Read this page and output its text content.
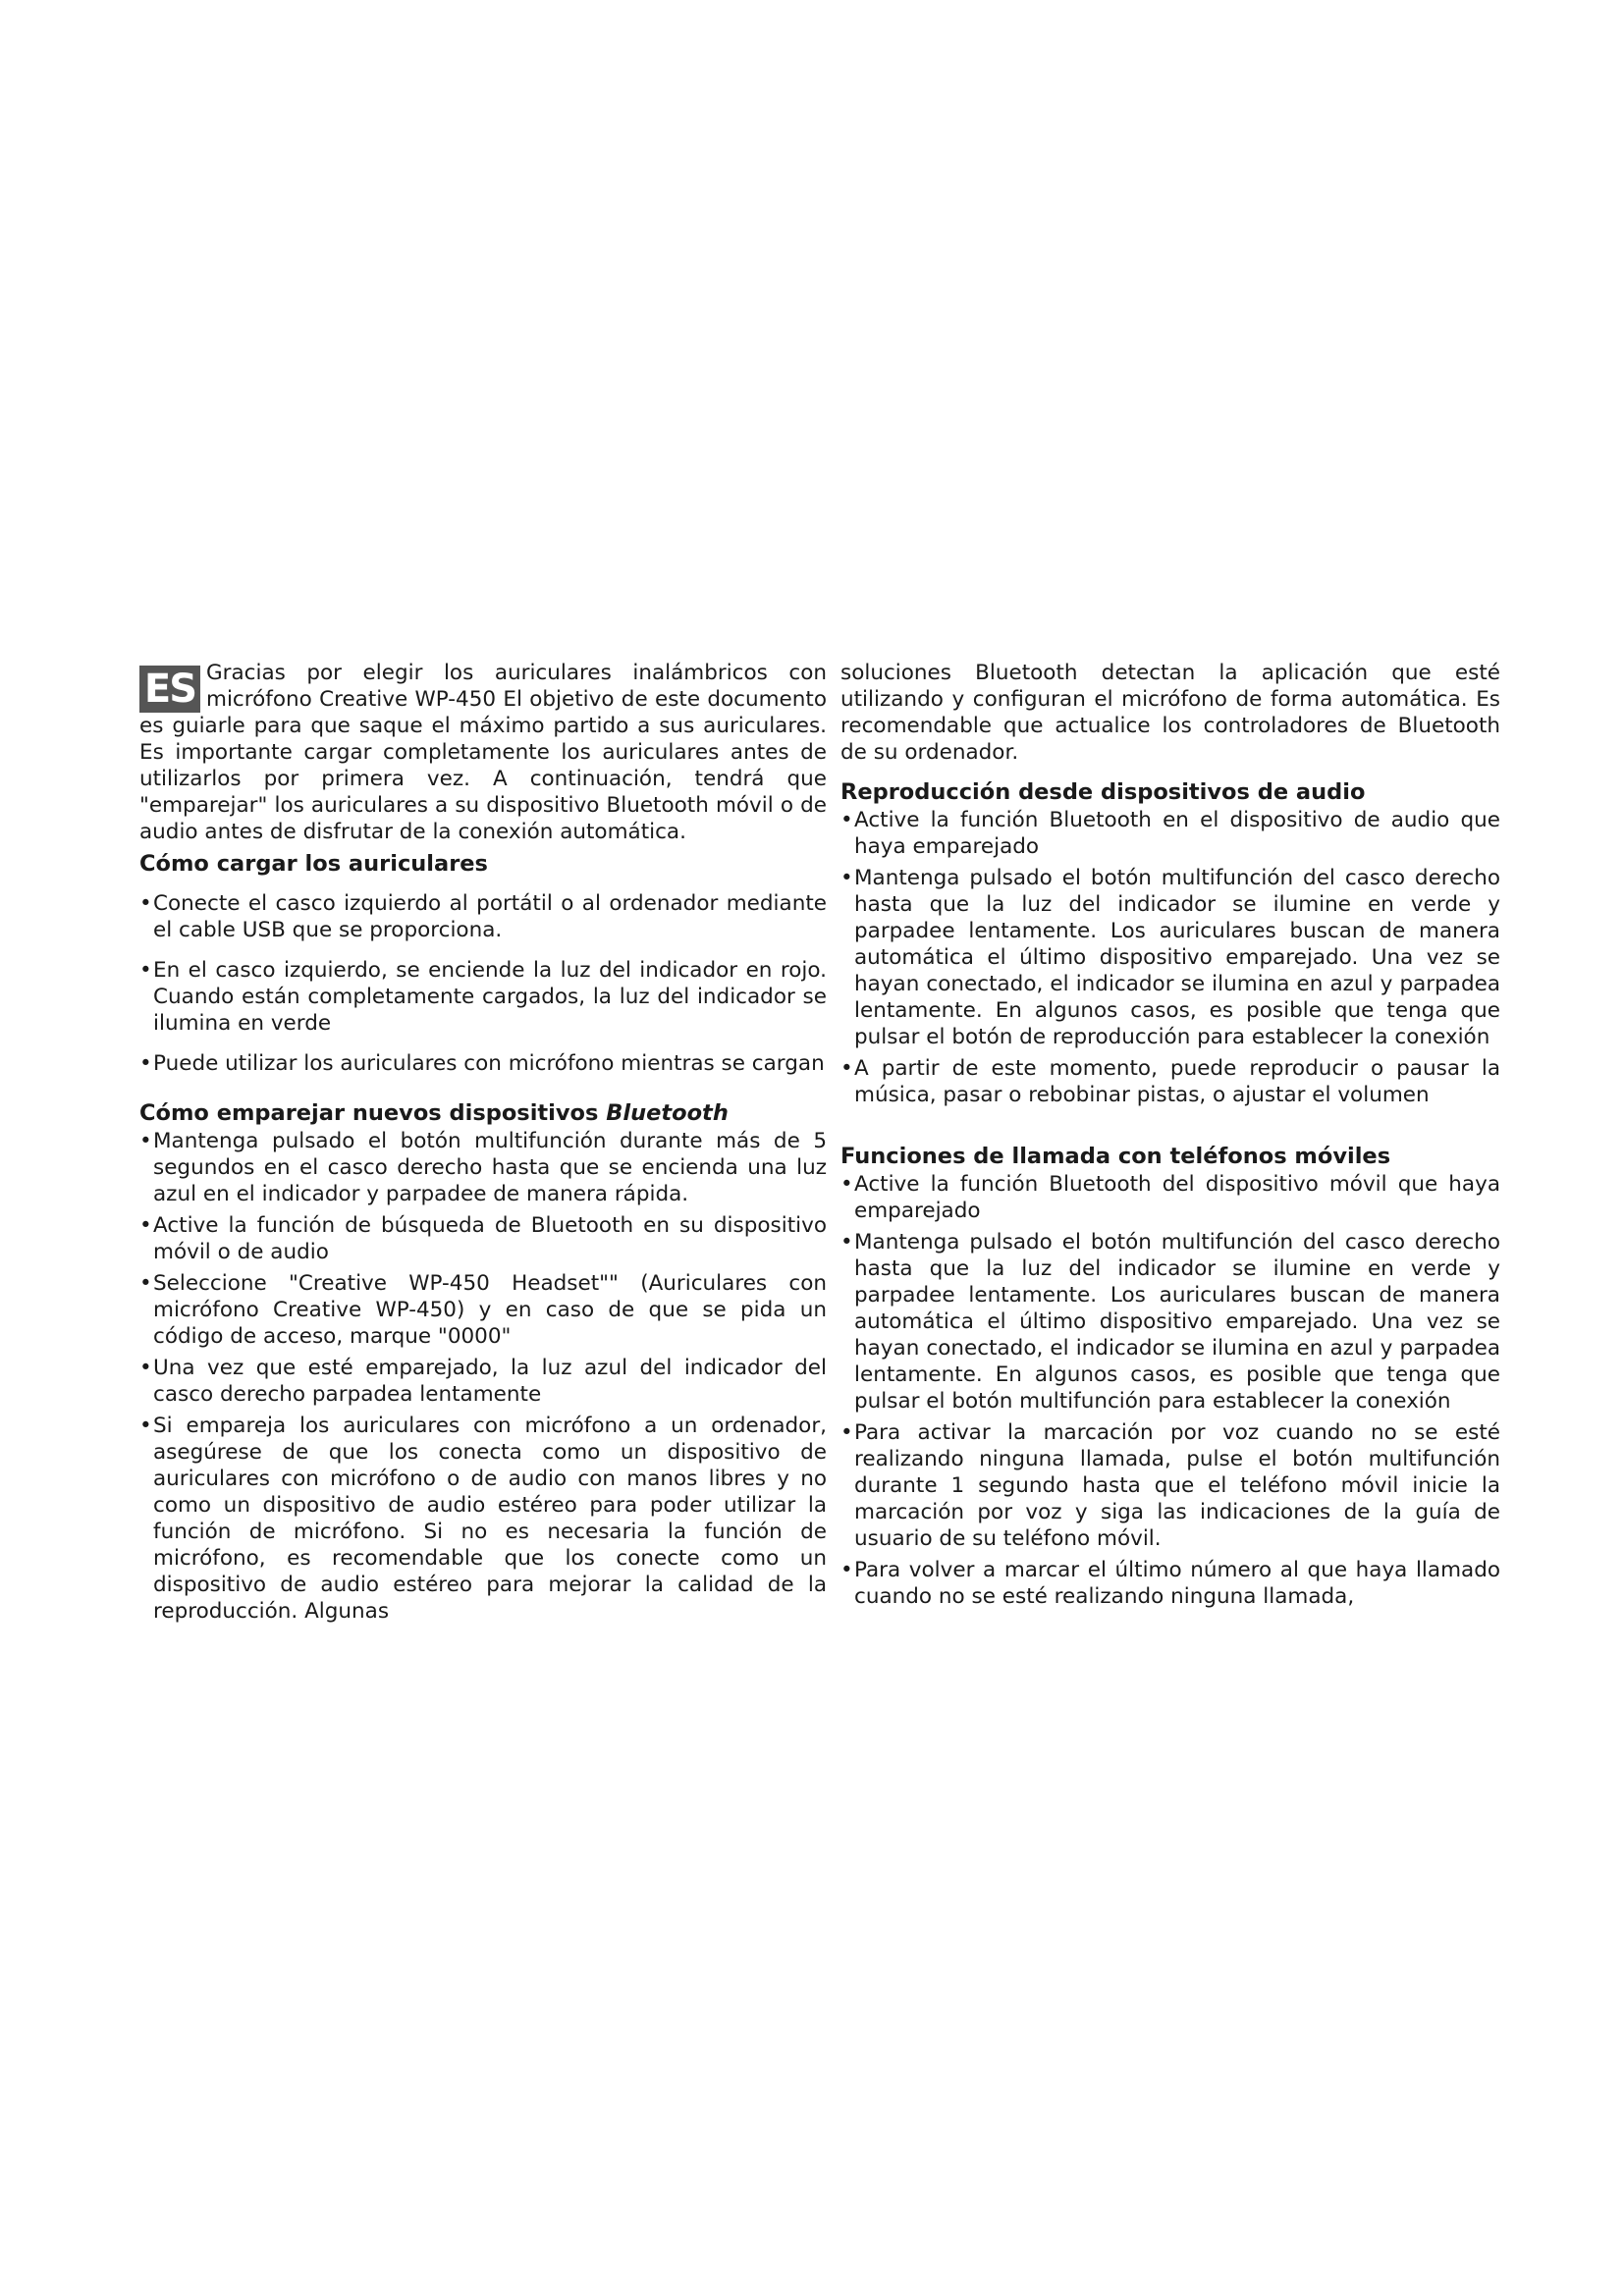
ES Gracias por elegir los auriculares inalámbricos con micrófono Creative WP-450 El objetivo de este documento es guiarle para que saque el máximo partido a sus auriculares. Es importante cargar completamente los auriculares antes de utilizarlos por primera vez. A continuación, tendrá que "emparejar" los auriculares a su dispositivo Bluetooth móvil o de audio antes de disfrutar de la conexión automática.

Cómo cargar los auriculares
• Conecte el casco izquierdo al portátil o al ordenador mediante el cable USB que se proporciona.
• En el casco izquierdo, se enciende la luz del indicador en rojo. Cuando están completamente cargados, la luz del indicador se ilumina en verde
• Puede utilizar los auriculares con micrófono mientras se cargan
Cómo emparejar nuevos dispositivos Bluetooth
• Mantenga pulsado el botón multifunción durante más de 5 segundos en el casco derecho hasta que se encienda una luz azul en el indicador y parpadee de manera rápida.
• Active la función de búsqueda de Bluetooth en su dispositivo móvil o de audio
• Seleccione "Creative WP-450 Headset"" (Auriculares con micrófono Creative WP-450) y en caso de que se pida un código de acceso, marque "0000"
• Una vez que esté emparejado, la luz azul del indicador del casco derecho parpadea lentamente
• Si empareja los auriculares con micrófono a un ordenador, asegúrese de que los conecta como un dispositivo de auriculares con micrófono o de audio con manos libres y no como un dispositivo de audio estéreo para poder utilizar la función de micrófono. Si no es necesaria la función de micrófono, es recomendable que los conecte como un dispositivo de audio estéreo para mejorar la calidad de la reproducción. Algunas

soluciones Bluetooth detectan la aplicación que esté utilizando y configuran el micrófono de forma automática. Es recomendable que actualice los controladores de Bluetooth de su ordenador.

Reproducción desde dispositivos de audio
• Active la función Bluetooth en el dispositivo de audio que haya emparejado
• Mantenga pulsado el botón multifunción del casco derecho hasta que la luz del indicador se ilumine en verde y parpadee lentamente. Los auriculares buscan de manera automática el último dispositivo emparejado. Una vez se hayan conectado, el indicador se ilumina en azul y parpadea lentamente. En algunos casos, es posible que tenga que pulsar el botón de reproducción para establecer la conexión
• A partir de este momento, puede reproducir o pausar la música, pasar o rebobinar pistas, o ajustar el volumen
Funciones de llamada con teléfonos móviles
• Active la función Bluetooth del dispositivo móvil que haya emparejado
• Mantenga pulsado el botón multifunción del casco derecho hasta que la luz del indicador se ilumine en verde y parpadee lentamente. Los auriculares buscan de manera automática el último dispositivo emparejado. Una vez se hayan conectado, el indicador se ilumina en azul y parpadea lentamente. En algunos casos, es posible que tenga que pulsar el botón multifunción para establecer la conexión
• Para activar la marcación por voz cuando no se esté realizando ninguna llamada, pulse el botón multifunción durante 1 segundo hasta que el teléfono móvil inicie la marcación por voz y siga las indicaciones de la guía de usuario de su teléfono móvil.
• Para volver a marcar el último número al que haya llamado cuando no se esté realizando ninguna llamada,
